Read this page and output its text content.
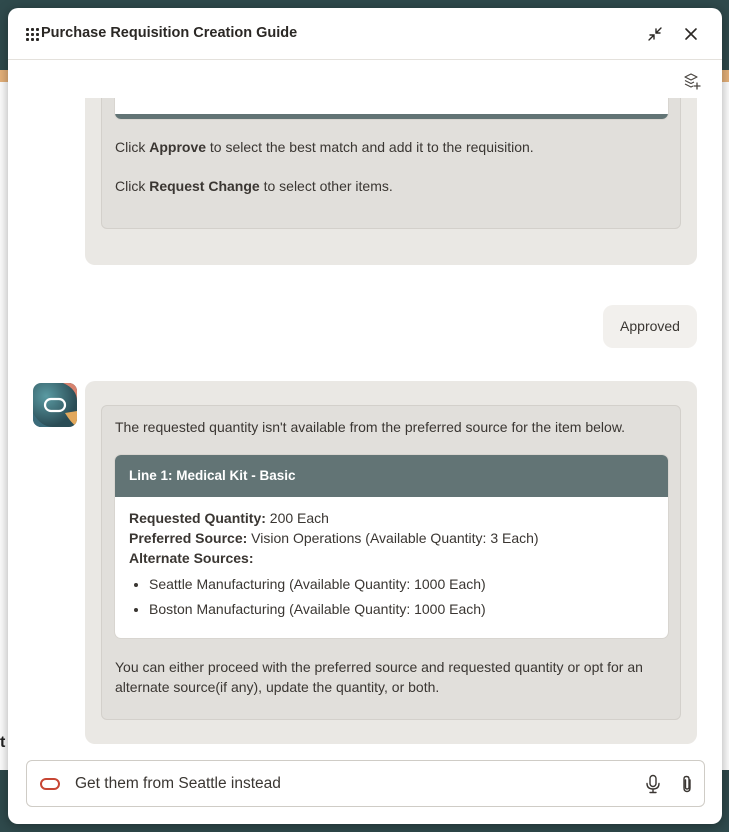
t
Purchase Requisition Creation Guide
Click Approve to select the best match and add it to the requisition.
Click Request Change to select other items.
Approved
The requested quantity isn't available from the preferred source for the item below.
Line 1: Medical Kit - Basic
Requested Quantity: 200 Each
Preferred Source: Vision Operations (Available Quantity: 3 Each)
Alternate Sources:
• Seattle Manufacturing (Available Quantity: 1000 Each)
• Boston Manufacturing (Available Quantity: 1000 Each)
You can either proceed with the preferred source and requested quantity or opt for an
alternate source(if any), update the quantity, or both.
Get them from Seattle instead
